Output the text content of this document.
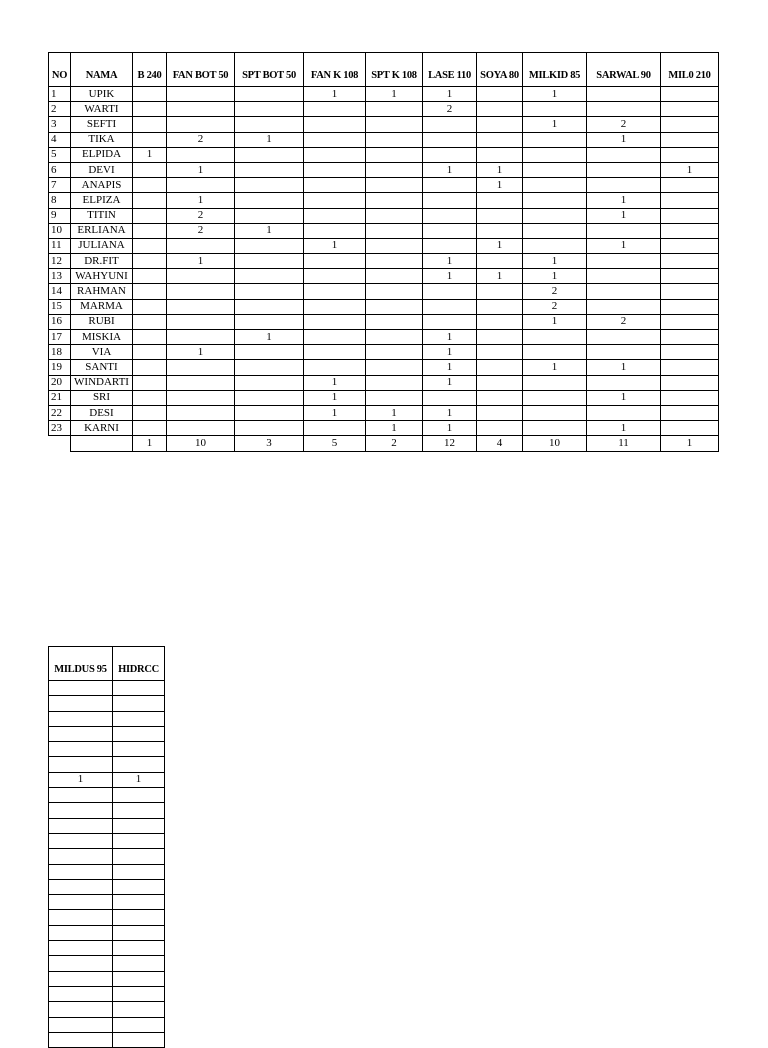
NO	NAMA	B 240	FAN BOT 50	SPT BOT 50	FAN K 108	SPT K 108	LASE 110	SOYA 80	MILKID 85	SARWAL 90	MIL0 210
1	UPIK				1	1	1		1		
2	WARTI						2				
3	SEFTI								1	2	
4	TIKA		2	1						1	
5	ELPIDA	1									
6	DEVI		1				1	1			1
7	ANAPIS							1			
8	ELPIZA		1							1	
9	TITIN		2							1	
10	ERLIANA		2	1							
11	JULIANA				1			1		1	
12	DR.FIT		1				1		1		
13	WAHYUNI						1	1	1		
14	RAHMAN								2		
15	MARMA								2		
16	RUBI								1	2	
17	MISKIA			1			1				
18	VIA		1				1				
19	SANTI						1		1	1	
20	WINDARTI				1		1				
21	SRI				1					1	
22	DESI				1	1	1				
23	KARNI					1	1			1	
		1	10	3	5	2	12	4	10	11	1
MILDUS 95	HIDRCC

1	1
